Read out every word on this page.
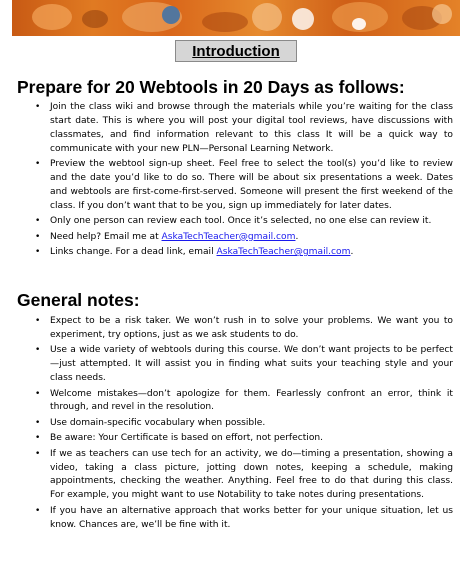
Introduction
Prepare for 20 Webtools in 20 Days as follows:
• Join the class wiki and browse through the materials while you’re waiting for the class start date. This is where you will post your digital tool reviews, have discussions with classmates, and find information relevant to this class It will be a quick way to communicate with your new PLN—Personal Learning Network.
• Preview the webtool sign-up sheet. Feel free to select the tool(s) you’d like to review and the date you’d like to do so. There will be about six presentations a week. Dates and webtools are first-come-first-served. Someone will present the first weekend of the class. If you don’t want that to be you, sign up immediately for later dates.
• Only one person can review each tool. Once it’s selected, no one else can review it.
• Need help? Email me at AskaTechTeacher@gmail.com.
• Links change. For a dead link, email AskaTechTeacher@gmail.com.
General notes:
• Expect to be a risk taker. We won’t rush in to solve your problems. We want you to experiment, try options, just as we ask students to do.
• Use a wide variety of webtools during this course. We don’t want projects to be perfect—just attempted. It will assist you in finding what suits your teaching style and your class needs.
• Welcome mistakes—don’t apologize for them. Fearlessly confront an error, think it through, and revel in the resolution.
• Use domain-specific vocabulary when possible.
• Be aware: Your Certificate is based on effort, not perfection.
• If we as teachers can use tech for an activity, we do—timing a presentation, showing a video, taking a class picture, jotting down notes, keeping a schedule, making appointments, checking the weather. Anything. Feel free to do that during this class. For example, you might want to use Notability to take notes during presentations.
• If you have an alternative approach that works better for your unique situation, let us know. Chances are, we’ll be fine with it.
